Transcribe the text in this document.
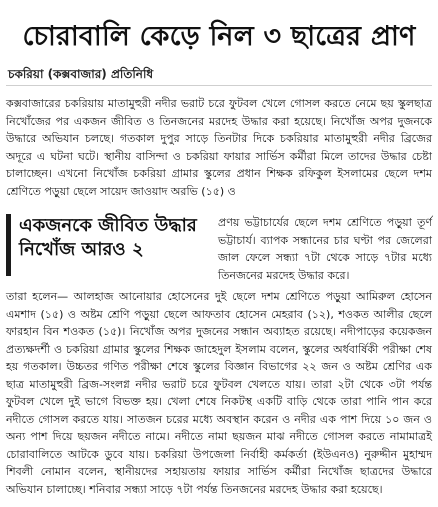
চোরাবালি কেড়ে নিল ৩ ছাত্রের প্রাণ
চকরিয়া (কক্সবাজার) প্রতিনিধি
কক্সবাজারের চকরিয়ায় মাতামুহুরী নদীর ভরাট চরে ফুটবল খেলে গোসল করতে নেমে ছয় স্কুলছাত্র নিখোঁজের পর একজন জীবিত ও তিনজনের মরদেহ উদ্ধার করা হয়েছে। নিখোঁজ অপর দুজনকে উদ্ধারে অভিযান চলছে। গতকাল দুপুর সাড়ে তিনটার দিকে চকরিয়ার মাতামুহুরী নদীর ব্রিজের অদূরে এ ঘটনা ঘটে। স্থানীয় বাসিন্দা ও চকরিয়া ফায়ার সার্ভিস কর্মীরা মিলে তাদের উদ্ধার চেষ্টা চালাচ্ছেন। এখনো নিখোঁজ চকরিয়া গ্রামার স্কুলের প্রধান শিক্ষক রফিকুল ইসলামের ছেলে দশম শ্রেণিতে পড়ুয়া ছেলে সায়েদ জাওয়াদ অরভি (১৫) ও
একজনকে জীবিত উদ্ধার নিখোঁজ আরও ২
প্রণয় ভট্টাচার্যের ছেলে দশম শ্রেণিতে পড়ুয়া তূর্ণ ভট্টাচার্য। ব্যাপক সন্ধানের চার ঘণ্টা পর জেলেরা জাল ফেলে সন্ধ্যা ৭টা থেকে সাড়ে ৭টার মধ্যে তিনজনের মরদেহ উদ্ধার করে।
তারা হলেন— আলহাজ আনোয়ার হোসেনের দুই ছেলে দশম শ্রেণিতে পড়ুয়া আমিরুল হোসেন এমশাদ (১৫) ও অষ্টম শ্রেণি পড়ুয়া ছেলে আফতাব হোসেন মেহরাব (১২), শওকত আলীর ছেলে ফারহান বিন শওকত (১৫)। নিখোঁজ অপর দুজনের সন্ধান অব্যাহত রয়েছে। নদীপাড়ের কয়েকজন প্রত্যক্ষদর্শী ও চকরিয়া গ্রামার স্কুলের শিক্ষক জাহেদুল ইসলাম বলেন, স্কুলের অর্ধবার্ষিকী পরীক্ষা শেষ হয় গতকাল। উচ্চতর গণিত পরীক্ষা শেষে স্কুলের বিজ্ঞান বিভাগের ২২ জন ও অষ্টম শ্রেণির এক ছাত্র মাতামুহুরী ব্রিজ-সংলগ্ন নদীর ভরাট চরে ফুটবল খেলতে যায়। তারা ২টা থেকে ৩টা পর্যন্ত ফুটবল খেলে দুই ভাগে বিভক্ত হয়। খেলা শেষে নিকটস্থ একটি বাড়ি থেকে তারা পানি পান করে নদীতে গোসল করতে যায়। সাতজন চরের মধ্যে অবস্থান করেন ও নদীর এক পাশ দিয়ে ১০ জন ও অন্য পাশ দিয়ে ছয়জন নদীতে নামে। নদীতে নামা ছয়জন মাঝ নদীতে গোসল করতে নামামাত্রই চোরাবালিতে আটকে ডুবে যায়। চকরিয়া উপজেলা নির্বাহী কর্মকর্তা (ইউএনও) নুরুদ্দীন মুহাম্মদ শিবলী নোমান বলেন, স্থানীয়দের সহায়তায় ফায়ার সার্ভিস কর্মীরা নিখোঁজ ছাত্রদের উদ্ধারে অভিযান চালাচ্ছে। শনিবার সন্ধ্যা সাড়ে ৭টা পর্যন্ত তিনজনের মরদেহ উদ্ধার করা হয়েছে।
